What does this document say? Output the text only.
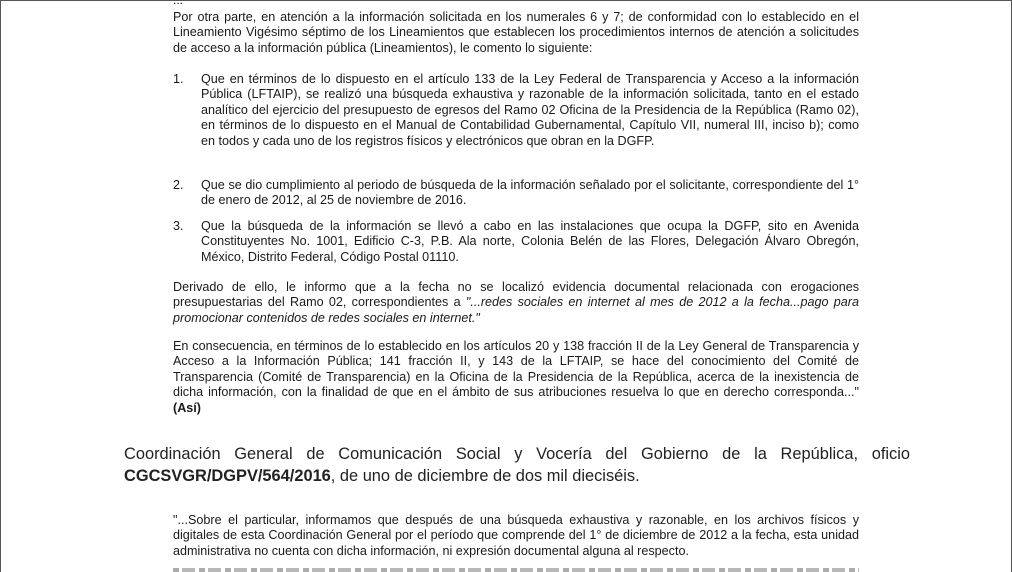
...

Por otra parte, en atención a la información solicitada en los numerales 6 y 7; de conformidad con lo establecido en el Lineamiento Vigésimo séptimo de los Lineamientos que establecen los procedimientos internos de atención a solicitudes de acceso a la información pública (Lineamientos), le comento lo siguiente:

1.	Que en términos de lo dispuesto en el artículo 133 de la Ley Federal de Transparencia y Acceso a la información Pública (LFTAIP), se realizó una búsqueda exhaustiva y razonable de la información solicitada, tanto en el estado analítico del ejercicio del presupuesto de egresos del Ramo 02 Oficina de la Presidencia de la República (Ramo 02), en términos de lo dispuesto en el Manual de Contabilidad Gubernamental, Capítulo VII, numeral III, inciso b); como en todos y cada uno de los registros físicos y electrónicos que obran en la DGFP.
2.	Que se dio cumplimiento al periodo de búsqueda de la información señalado por el solicitante, correspondiente del 1° de enero de 2012, al 25 de noviembre de 2016.
3.	Que la búsqueda de la información se llevó a cabo en las instalaciones que ocupa la DGFP, sito en Avenida Constituyentes No. 1001, Edificio C-3, P.B. Ala norte, Colonia Belén de las Flores, Delegación Álvaro Obregón, México, Distrito Federal, Código Postal 01110.

Derivado de ello, le informo que a la fecha no se localizó evidencia documental relacionada con erogaciones presupuestarias del Ramo 02, correspondientes a "...redes sociales en internet al mes de 2012 a la fecha...pago para promocionar contenidos de redes sociales en internet."

En consecuencia, en términos de lo establecido en los artículos 20 y 138 fracción II de la Ley General de Transparencia y Acceso a la Información Pública; 141 fracción II, y 143 de la LFTAIP, se hace del conocimiento del Comité de Transparencia (Comité de Transparencia) en la Oficina de la Presidencia de la República, acerca de la inexistencia de dicha información, con la finalidad de que en el ámbito de sus atribuciones resuelva lo que en derecho corresponda..." (Así)

Coordinación General de Comunicación Social y Vocería del Gobierno de la República, oficio CGCSVGR/DGPV/564/2016, de uno de diciembre de dos mil dieciséis.

"...Sobre el particular, informamos que después de una búsqueda exhaustiva y razonable, en los archivos físicos y digitales de esta Coordinación General por el período que comprende del 1° de diciembre de 2012 a la fecha, esta unidad administrativa no cuenta con dicha información, ni expresión documental alguna al respecto.
